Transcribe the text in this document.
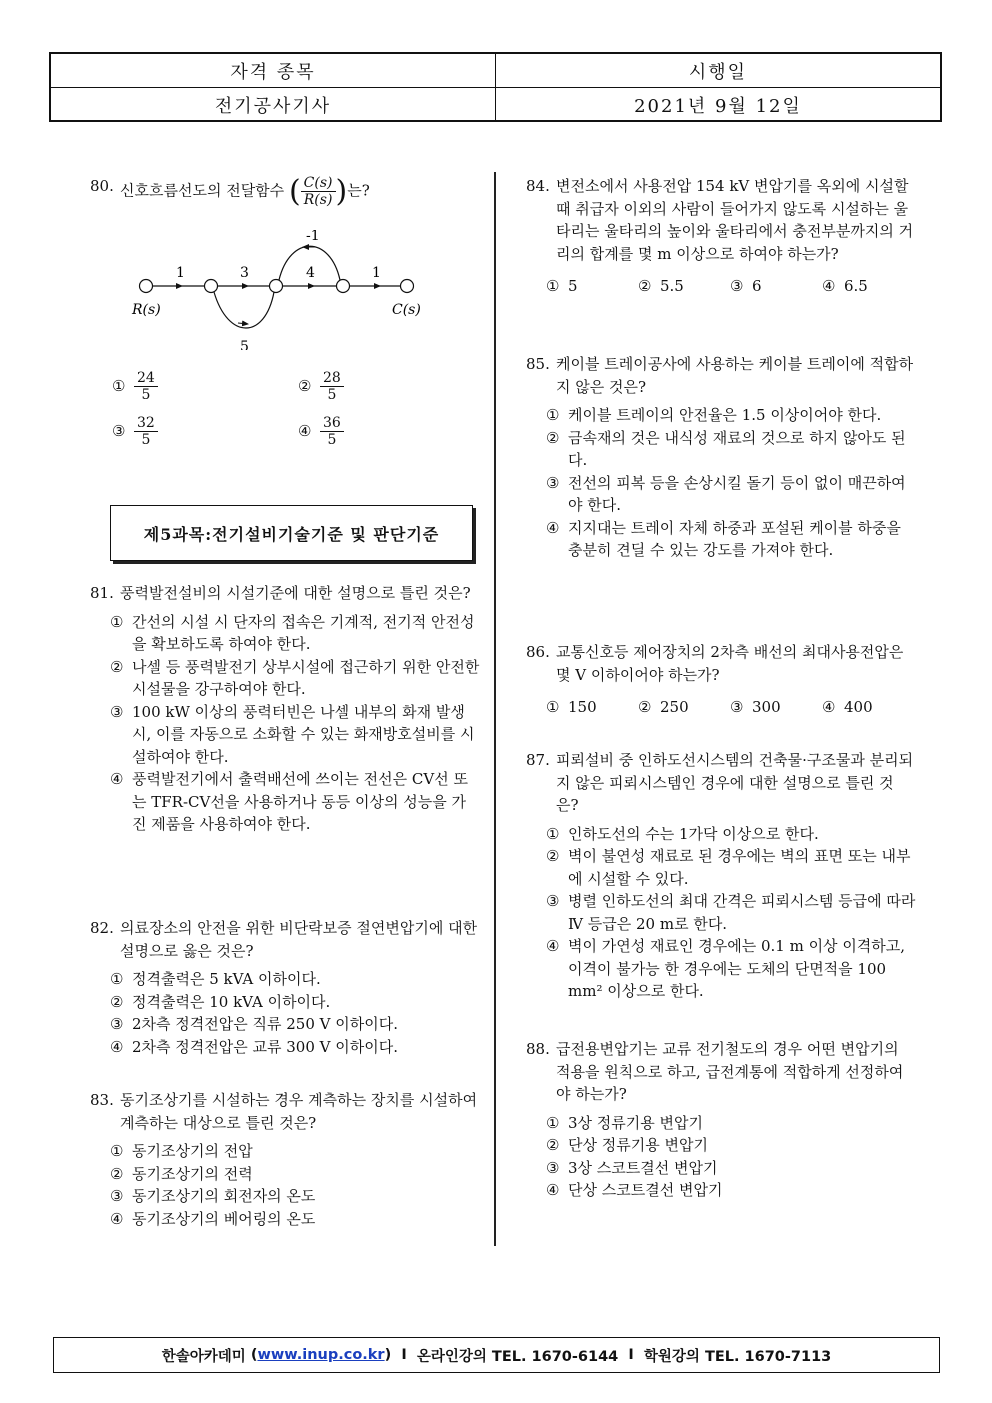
자격 종목	시행일
전기공사기사	2021년 9월 12일
80. 신호흐름선도의 전달함수 ( $\frac{C(s)}{R(s)}$ ) 는?
1	3	4	1
5
-1
R(s)	C(s)
① $\frac{24}{5}$	② $\frac{28}{5}$
③ $\frac{32}{5}$	④ $\frac{36}{5}$
81. 풍력발전설비의 시설기준에 대한 설명으로 틀린 것은?
① 간선의 시설 시 단자의 접속은 기계적, 전기적 안전성을 확보하도록 하여야 한다.
② 나셀 등 풍력발전기 상부시설에 접근하기 위한 안전한 시설물을 강구하여야 한다.
③ 100 kW 이상의 풍력터빈은 나셀 내부의 화재 발생 시, 이를 자동으로 소화할 수 있는 화재방호설비를 시설하여야 한다.
④ 풍력발전기에서 출력배선에 쓰이는 전선은 CV선 또는 TFR-CV선을 사용하거나 동등 이상의 성능을 가진 제품을 사용하여야 한다.
82. 의료장소의 안전을 위한 비단락보증 절연변압기에 대한 설명으로 옳은 것은?
① 정격출력은 5 kVA 이하이다.
② 정격출력은 10 kVA 이하이다.
③ 2차측 정격전압은 직류 250 V 이하이다.
④ 2차측 정격전압은 교류 300 V 이하이다.
83. 동기조상기를 시설하는 경우 계측하는 장치를 시설하여 계측하는 대상으로 틀린 것은?
① 동기조상기의 전압
② 동기조상기의 전력
③ 동기조상기의 회전자의 온도
④ 동기조상기의 베어링의 온도
제5과목:전기설비기술기준 및 판단기준
84. 변전소에서 사용전압 154 kV 변압기를 옥외에 시설할 때 취급자 이외의 사람이 들어가지 않도록 시설하는 울타리는 울타리의 높이와 울타리에서 충전부분까지의 거리의 합계를 몇 m 이상으로 하여야 하는가?
① 5	② 5.5	③ 6	④ 6.5
85. 케이블 트레이공사에 사용하는 케이블 트레이에 적합하지 않은 것은?
① 케이블 트레이의 안전율은 1.5 이상이어야 한다.
② 금속재의 것은 내식성 재료의 것으로 하지 않아도 된다.
③ 전선의 피복 등을 손상시킬 돌기 등이 없이 매끈하여야 한다.
④ 지지대는 트레이 자체 하중과 포설된 케이블 하중을 충분히 견딜 수 있는 강도를 가져야 한다.
86. 교통신호등 제어장치의 2차측 배선의 최대사용전압은 몇 V 이하이어야 하는가?
① 150	② 250	③ 300	④ 400
87. 피뢰설비 중 인하도선시스템의 건축물·구조물과 분리되지 않은 피뢰시스템인 경우에 대한 설명으로 틀린 것은?
① 인하도선의 수는 1가닥 이상으로 한다.
② 벽이 불연성 재료로 된 경우에는 벽의 표면 또는 내부에 시설할 수 있다.
③ 병렬 인하도선의 최대 간격은 피뢰시스템 등급에 따라 Ⅳ 등급은 20 m로 한다.
④ 벽이 가연성 재료인 경우에는 0.1 m 이상 이격하고, 이격이 불가능 한 경우에는 도체의 단면적을 100 mm² 이상으로 한다.
88. 급전용변압기는 교류 전기철도의 경우 어떤 변압기의 적용을 원칙으로 하고, 급전계통에 적합하게 선정하여야 하는가?
① 3상 정류기용 변압기
② 단상 정류기용 변압기
③ 3상 스코트결선 변압기
④ 단상 스코트결선 변압기
한솔아카데미 ( www.inup.co.kr ) I
온라인강의 TEL. 1670-6144
I
학원강의 TEL. 1670-7113
